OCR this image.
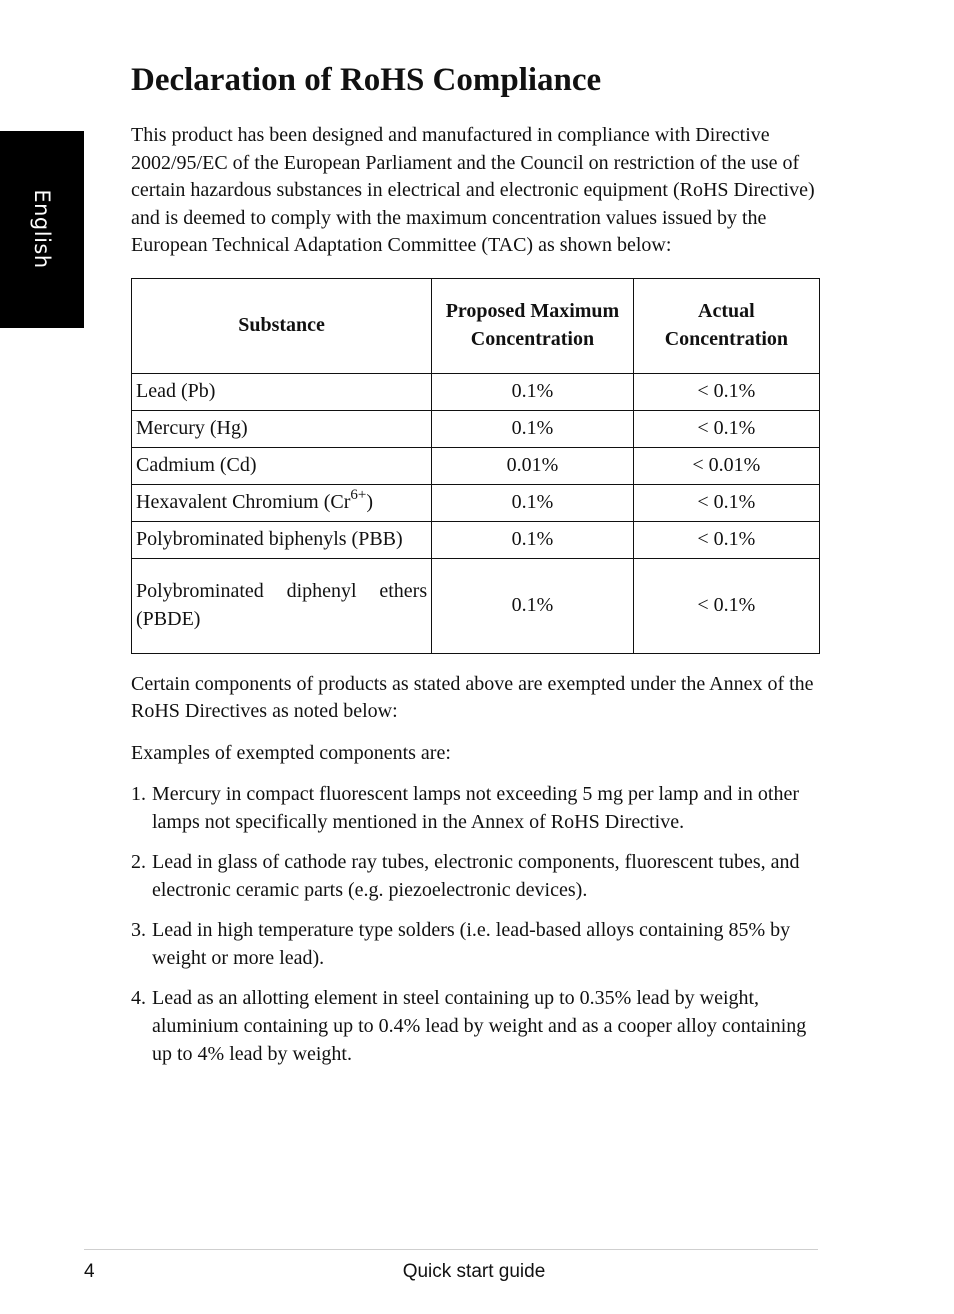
English
Declaration of RoHS Compliance

This product has been designed and manufactured in compliance with Directive 2002/95/EC of the European Parliament and the Council on restriction of the use of certain hazardous substances in electrical and electronic equipment (RoHS Directive) and is deemed to comply with the maximum concentration values issued by the European Technical Adaptation Committee (TAC) as shown below:

Substance	Proposed Maximum Concentration	Actual Concentration
Lead (Pb)	0.1%	< 0.1%
Mercury (Hg)	0.1%	< 0.1%
Cadmium (Cd)	0.01%	< 0.01%
Hexavalent Chromium $(Cr^{6+})$	0.1%	< 0.1%
Polybrominated biphenyls (PBB)	0.1%	< 0.1%
Polybrominated diphenyl ethers (PBDE)	0.1%	< 0.1%

Certain components of products as stated above are exempted under the Annex of the RoHS Directives as noted below:

Examples of exempted components are:

1. Mercury in compact fluorescent lamps not exceeding 5 mg per lamp and in other lamps not specifically mentioned in the Annex of RoHS Directive.
2. Lead in glass of cathode ray tubes, electronic components, fluorescent tubes, and electronic ceramic parts (e.g. piezoelectronic devices).
3. Lead in high temperature type solders (i.e. lead-based alloys containing 85% by weight or more lead).
4. Lead as an allotting element in steel containing up to 0.35% lead by weight, aluminium containing up to 0.4% lead by weight and as a cooper alloy containing up to 4% lead by weight.
4	Quick start guide
